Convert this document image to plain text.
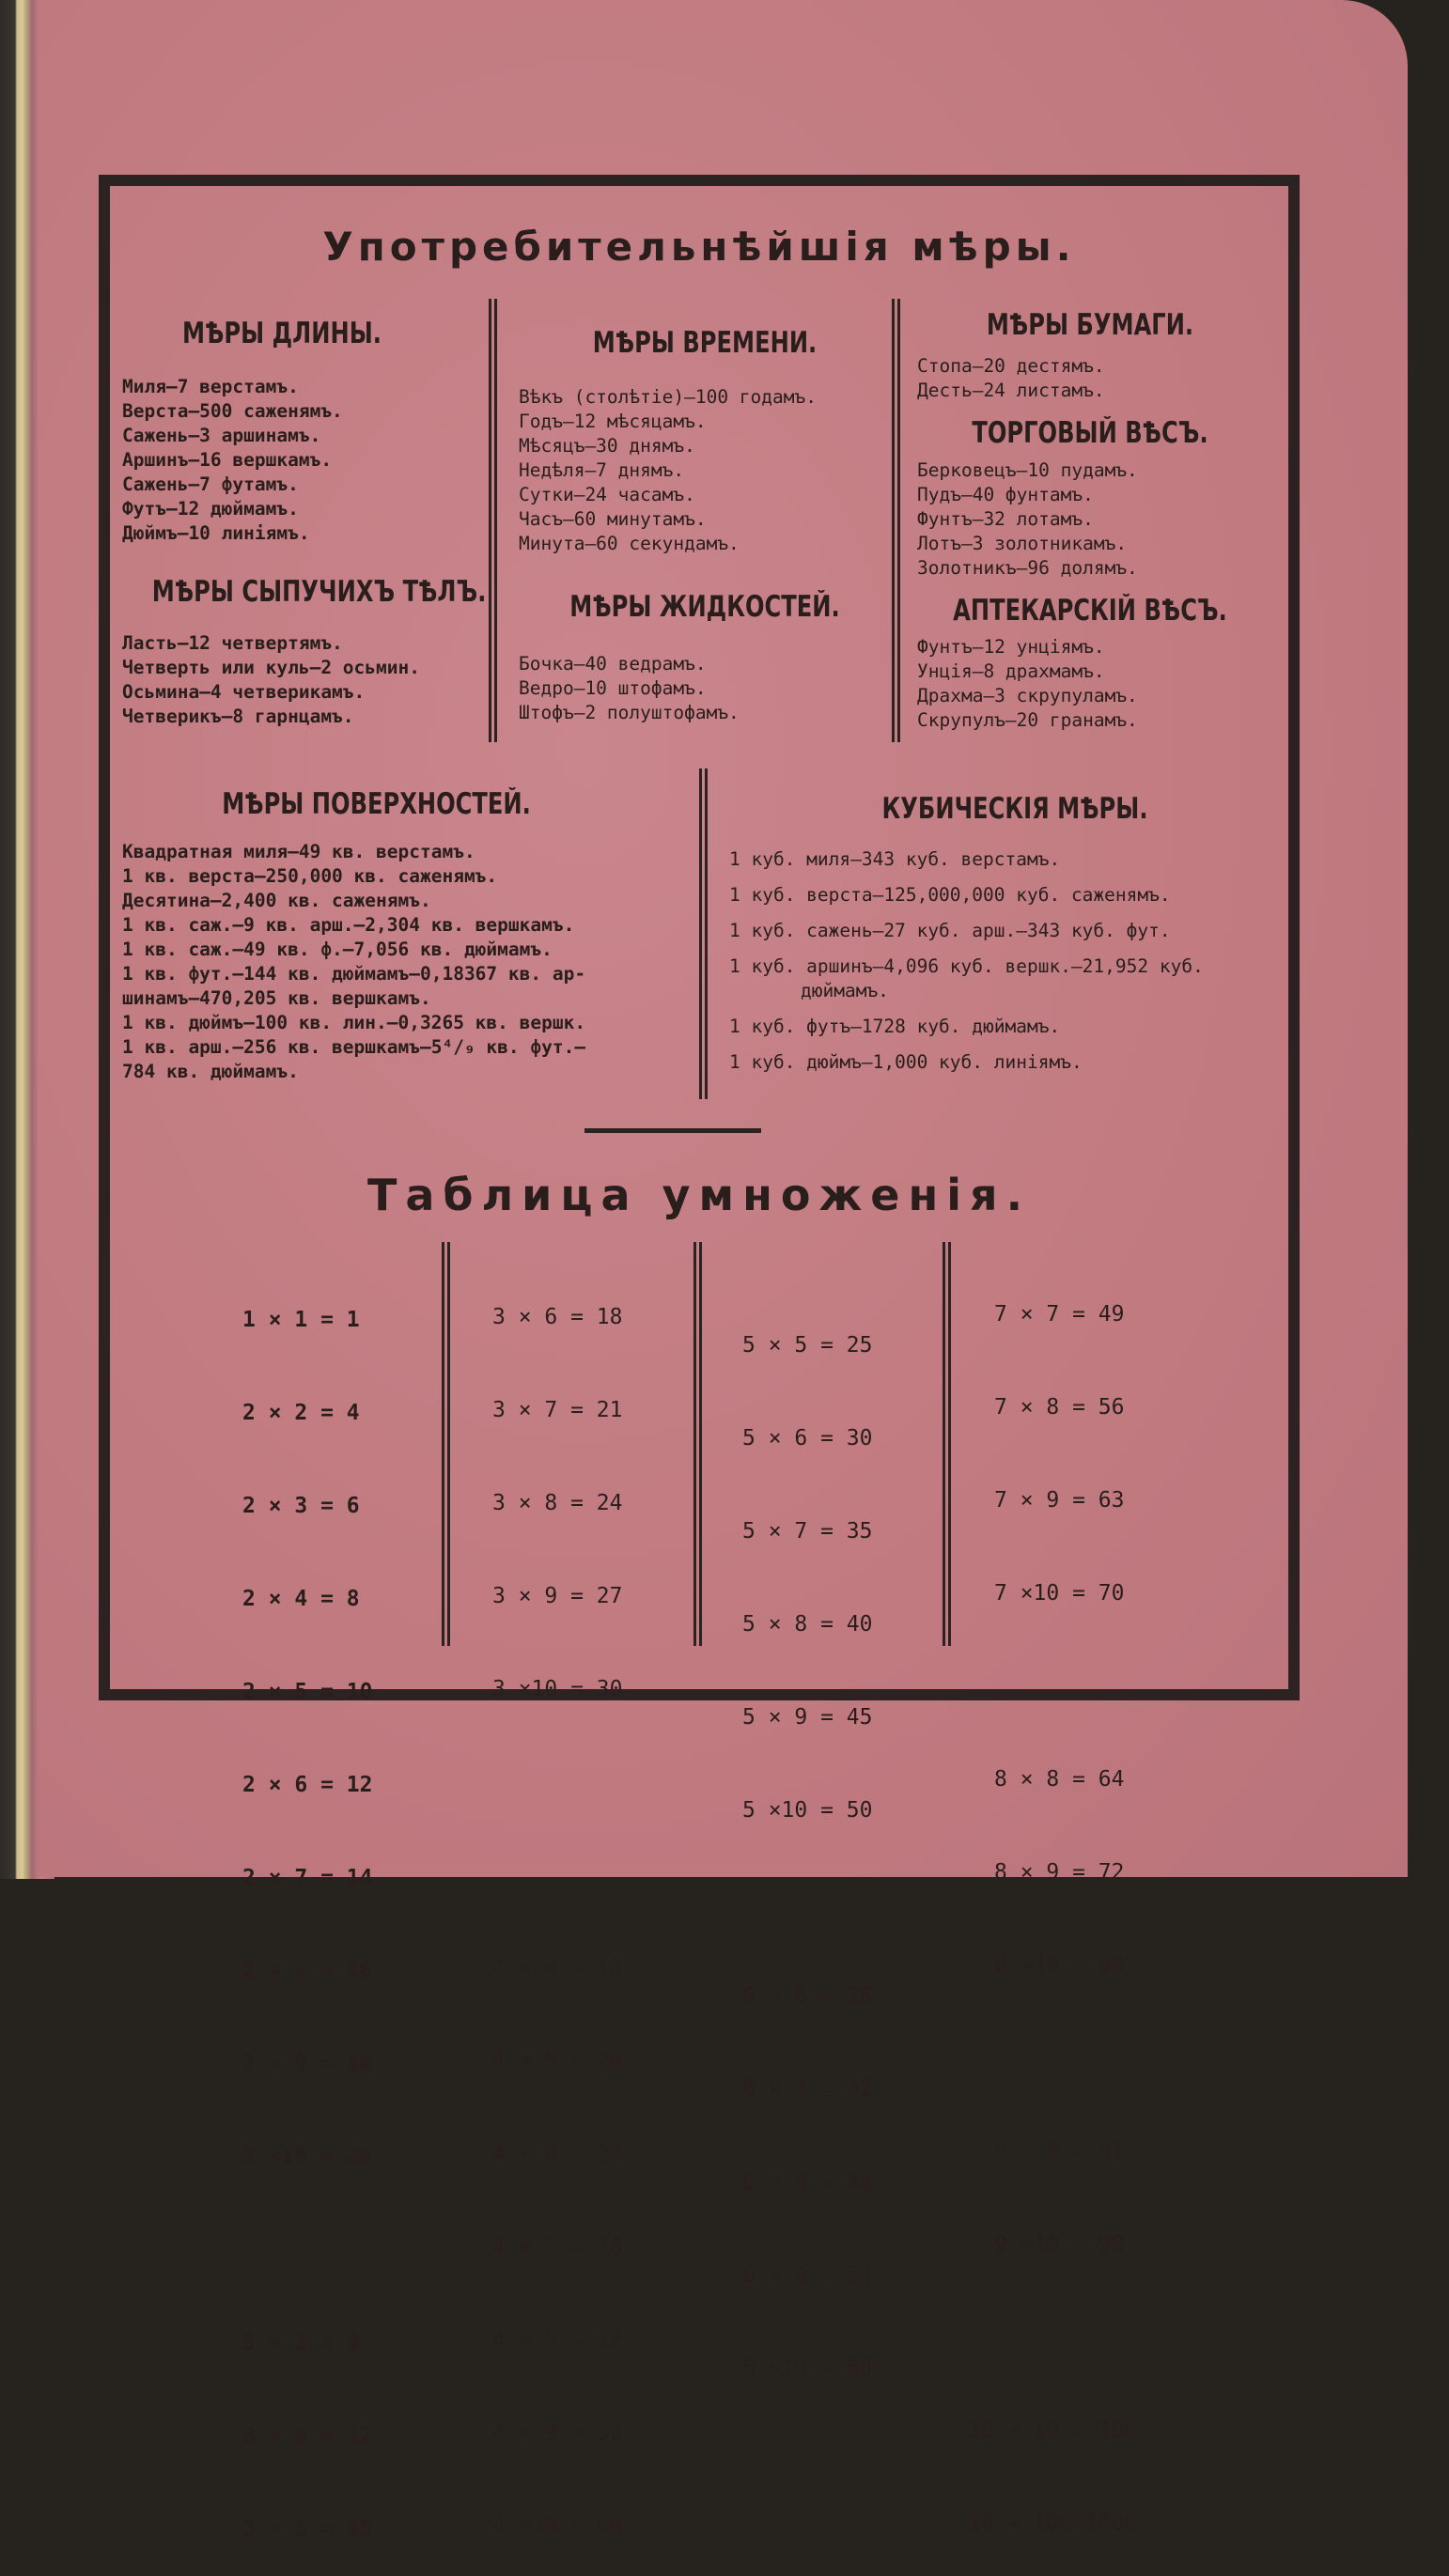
Употребительнѣйшiя мѣры.
МѢРЫ ДЛИНЫ.
Миля—7 верстамъ.
Верста—500 саженямъ.
Сажень—3 аршинамъ.
Аршинъ—16 вершкамъ.
Сажень—7 футамъ.
Футъ—12 дюймамъ.
Дюймъ—10 линiямъ.
МѢРЫ СЫПУЧИХЪ ТѢЛЪ.
Ласть—12 четвертямъ.
Четверть или куль—2 осьмин.
Осьмина—4 четверикамъ.
Четверикъ—8 гарнцамъ.
МѢРЫ ВРЕМЕНИ.
Вѣкъ (столѣтiе)—100 годамъ.
Годъ—12 мѣсяцамъ.
Мѣсяцъ—30 днямъ.
Недѣля—7 днямъ.
Сутки—24 часамъ.
Часъ—60 минутамъ.
Минута—60 секундамъ.
МѢРЫ ЖИДКОСТЕЙ.
Бочка—40 ведрамъ.
Ведро—10 штофамъ.
Штофъ—2 полуштофамъ.
МѢРЫ БУМАГИ.
Стопа—20 дестямъ.
Десть—24 листамъ.
ТОРГОВЫЙ ВѢСЪ.
Берковецъ—10 пудамъ.
Пудъ—40 фунтамъ.
Фунтъ—32 лотамъ.
Лотъ—3 золотникамъ.
Золотникъ—96 долямъ.
АПТЕКАРСКIЙ ВѢСЪ.
Фунтъ—12 унцiямъ.
Унцiя—8 драхмамъ.
Драхма—3 скрупуламъ.
Скрупулъ—20 гранамъ.
МѢРЫ ПОВЕРХНОСТЕЙ.
Квадратная миля—49 кв. верстамъ.
1 кв. верста—250,000 кв. саженямъ.
Десятина—2,400 кв. саженямъ.
1 кв. саж.—9 кв. арш.—2,304 кв. вершкамъ.
1 кв. саж.—49 кв. ф.—7,056 кв. дюймамъ.
1 кв. фут.—144 кв. дюймамъ—0,18367 кв. ар-
шинамъ—470,205 кв. вершкамъ.
1 кв. дюймъ—100 кв. лин.—0,3265 кв. вершк.
1 кв. арш.—256 кв. вершкамъ—5⁴/₉ кв. фут.—
784 кв. дюймамъ.
КУБИЧЕСКIЯ МѢРЫ.
1 куб. миля—343 куб. верстамъ.
1 куб. верста—125,000,000 куб. саженямъ.
1 куб. сажень—27 куб. арш.—343 куб. фут.
1 куб. аршинъ—4,096 куб. вершк.—21,952 куб.
дюймамъ.
1 куб. футъ—1728 куб. дюймамъ.
1 куб. дюймъ—1,000 куб. линiямъ.
Таблица умноженiя.

1 × 1 = 1

2 × 2 = 4

2 × 3 = 6

2 × 4 = 8

2 × 5 = 10

2 × 6 = 12

2 × 7 = 14

2 × 8 = 16

2 × 9 = 18

2 ×10 = 20

3 × 3 = 9

3 × 4 = 12

3 × 5 = 15

3 × 6 = 18

3 × 7 = 21

3 × 8 = 24

3 × 9 = 27

3 ×10 = 30

4 × 4 = 16

4 × 5 = 20

4 × 6 = 24

4 × 7 = 28

4 × 8 = 32

4 × 9 = 36

4 ×10 = 40

5 × 5 = 25

5 × 6 = 30

5 × 7 = 35

5 × 8 = 40

5 × 9 = 45

5 ×10 = 50

6 × 6 = 36

6 × 7 = 42

6 × 8 = 48

6 × 9 = 54

6 ×10 = 60

7 × 7 = 49

7 × 8 = 56

7 × 9 = 63

7 ×10 = 70

8 × 8 = 64

8 × 9 = 72

8 ×10 = 80

9 × 9 = 81

9 ×10 = 90

10 × 10 = 100

10 × 100=1000
